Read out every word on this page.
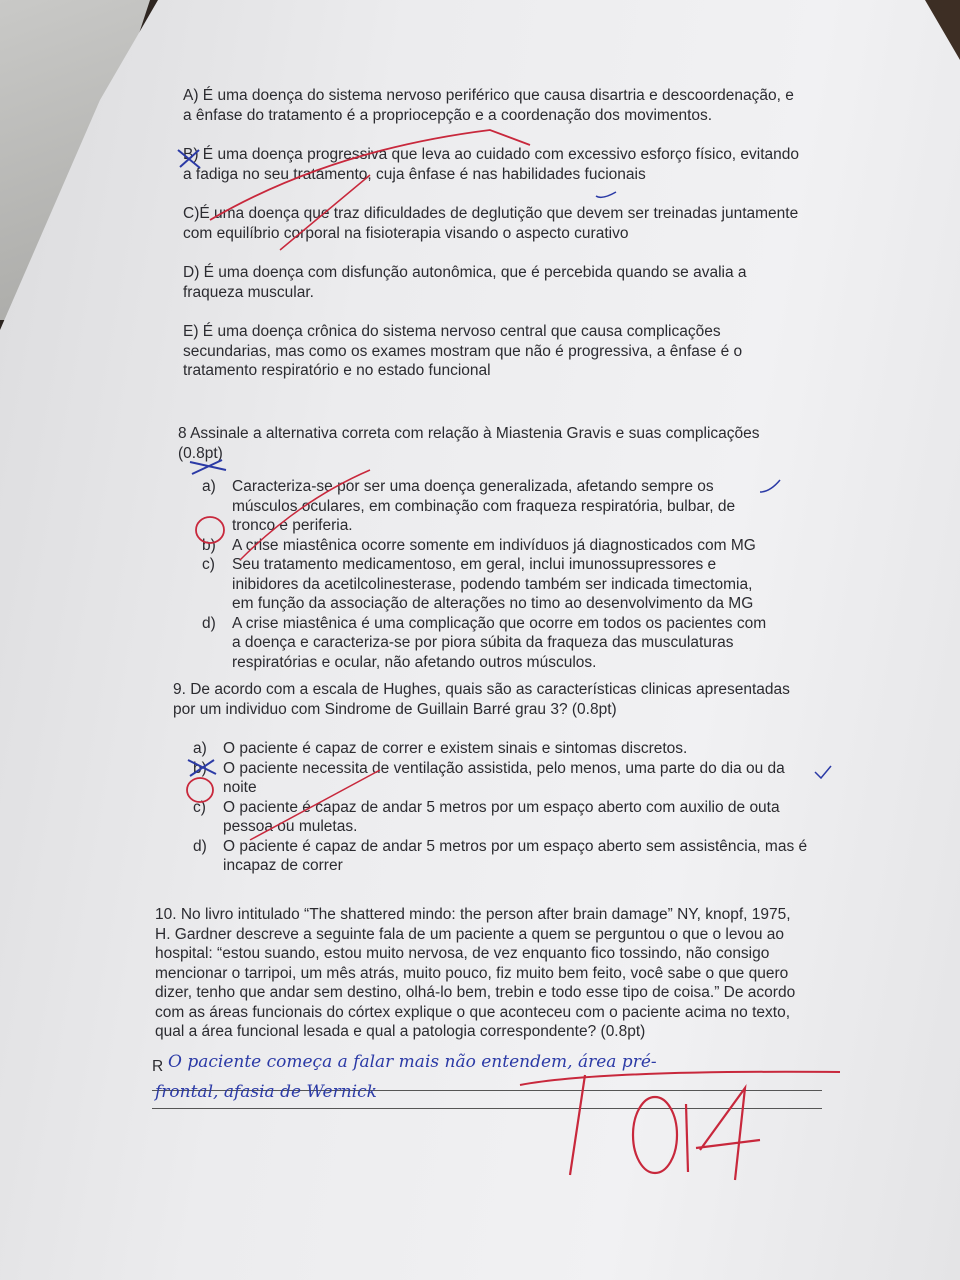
A) É uma doença do sistema nervoso periférico que causa disartria e descoordenação, e a ênfase do tratamento é a propriocepção e a coordenação dos movimentos.

B) É uma doença progressiva que leva ao cuidado com excessivo esforço físico, evitando a fadiga no seu tratamento, cuja ênfase é nas habilidades fucionais

C)É uma doença que traz dificuldades de deglutição que devem ser treinadas juntamente com equilíbrio corporal na fisioterapia visando o aspecto curativo

D) É uma doença com disfunção autonômica, que é percebida quando se avalia a fraqueza muscular.

E) É uma doença crônica do sistema nervoso central que causa complicações secundarias, mas como os exames mostram que não é progressiva, a ênfase é o tratamento respiratório e no estado funcional

8 Assinale a alternativa correta com relação à Miastenia Gravis e suas complicações (0.8pt)

a)	Caracteriza-se por ser uma doença generalizada, afetando sempre os músculos oculares, em combinação com fraqueza respiratória, bulbar, de tronco e periferia.
b)	A crise miastênica ocorre somente em indivíduos já diagnosticados com MG
c)	Seu tratamento medicamentoso, em geral, inclui imunossupressores e inibidores da acetilcolinesterase, podendo também ser indicada timectomia, em função da associação de alterações no timo ao desenvolvimento da MG
d)	A crise miastênica é uma complicação que ocorre em todos os pacientes com a doença e caracteriza-se por piora súbita da fraqueza das musculaturas respiratórias e ocular, não afetando outros músculos.

9. De acordo com a escala de Hughes, quais são as características clinicas apresentadas por um individuo com Sindrome de Guillain Barré grau 3? (0.8pt)

a)	O paciente é capaz de correr e existem sinais e sintomas discretos.
b)	O paciente necessita de ventilação assistida, pelo menos, uma parte do dia ou da noite
c)	O paciente é capaz de andar 5 metros por um espaço aberto com auxilio de outa pessoa ou muletas.
d)	O paciente é capaz de andar 5 metros por um espaço aberto sem assistência, mas é incapaz de correr

10. No livro intitulado “The shattered mindo: the person after brain damage” NY, knopf, 1975, H. Gardner descreve a seguinte fala de um paciente a quem se perguntou o que o levou ao hospital: “estou suando, estou muito nervosa, de vez enquanto fico tossindo, não consigo mencionar o tarripoi, um mês atrás, muito pouco, fiz muito bem feito, você sabe o que quero dizer, tenho que andar sem destino, olhá-lo bem, trebin e todo esse tipo de coisa.” De acordo com as áreas funcionais do córtex explique o que aconteceu com o paciente acima no texto, qual a área funcional lesada e qual a patologia correspondente? (0.8pt)

R O paciente começa a falar mais não entendem, área pré-
frontal, afasia de Wernick
